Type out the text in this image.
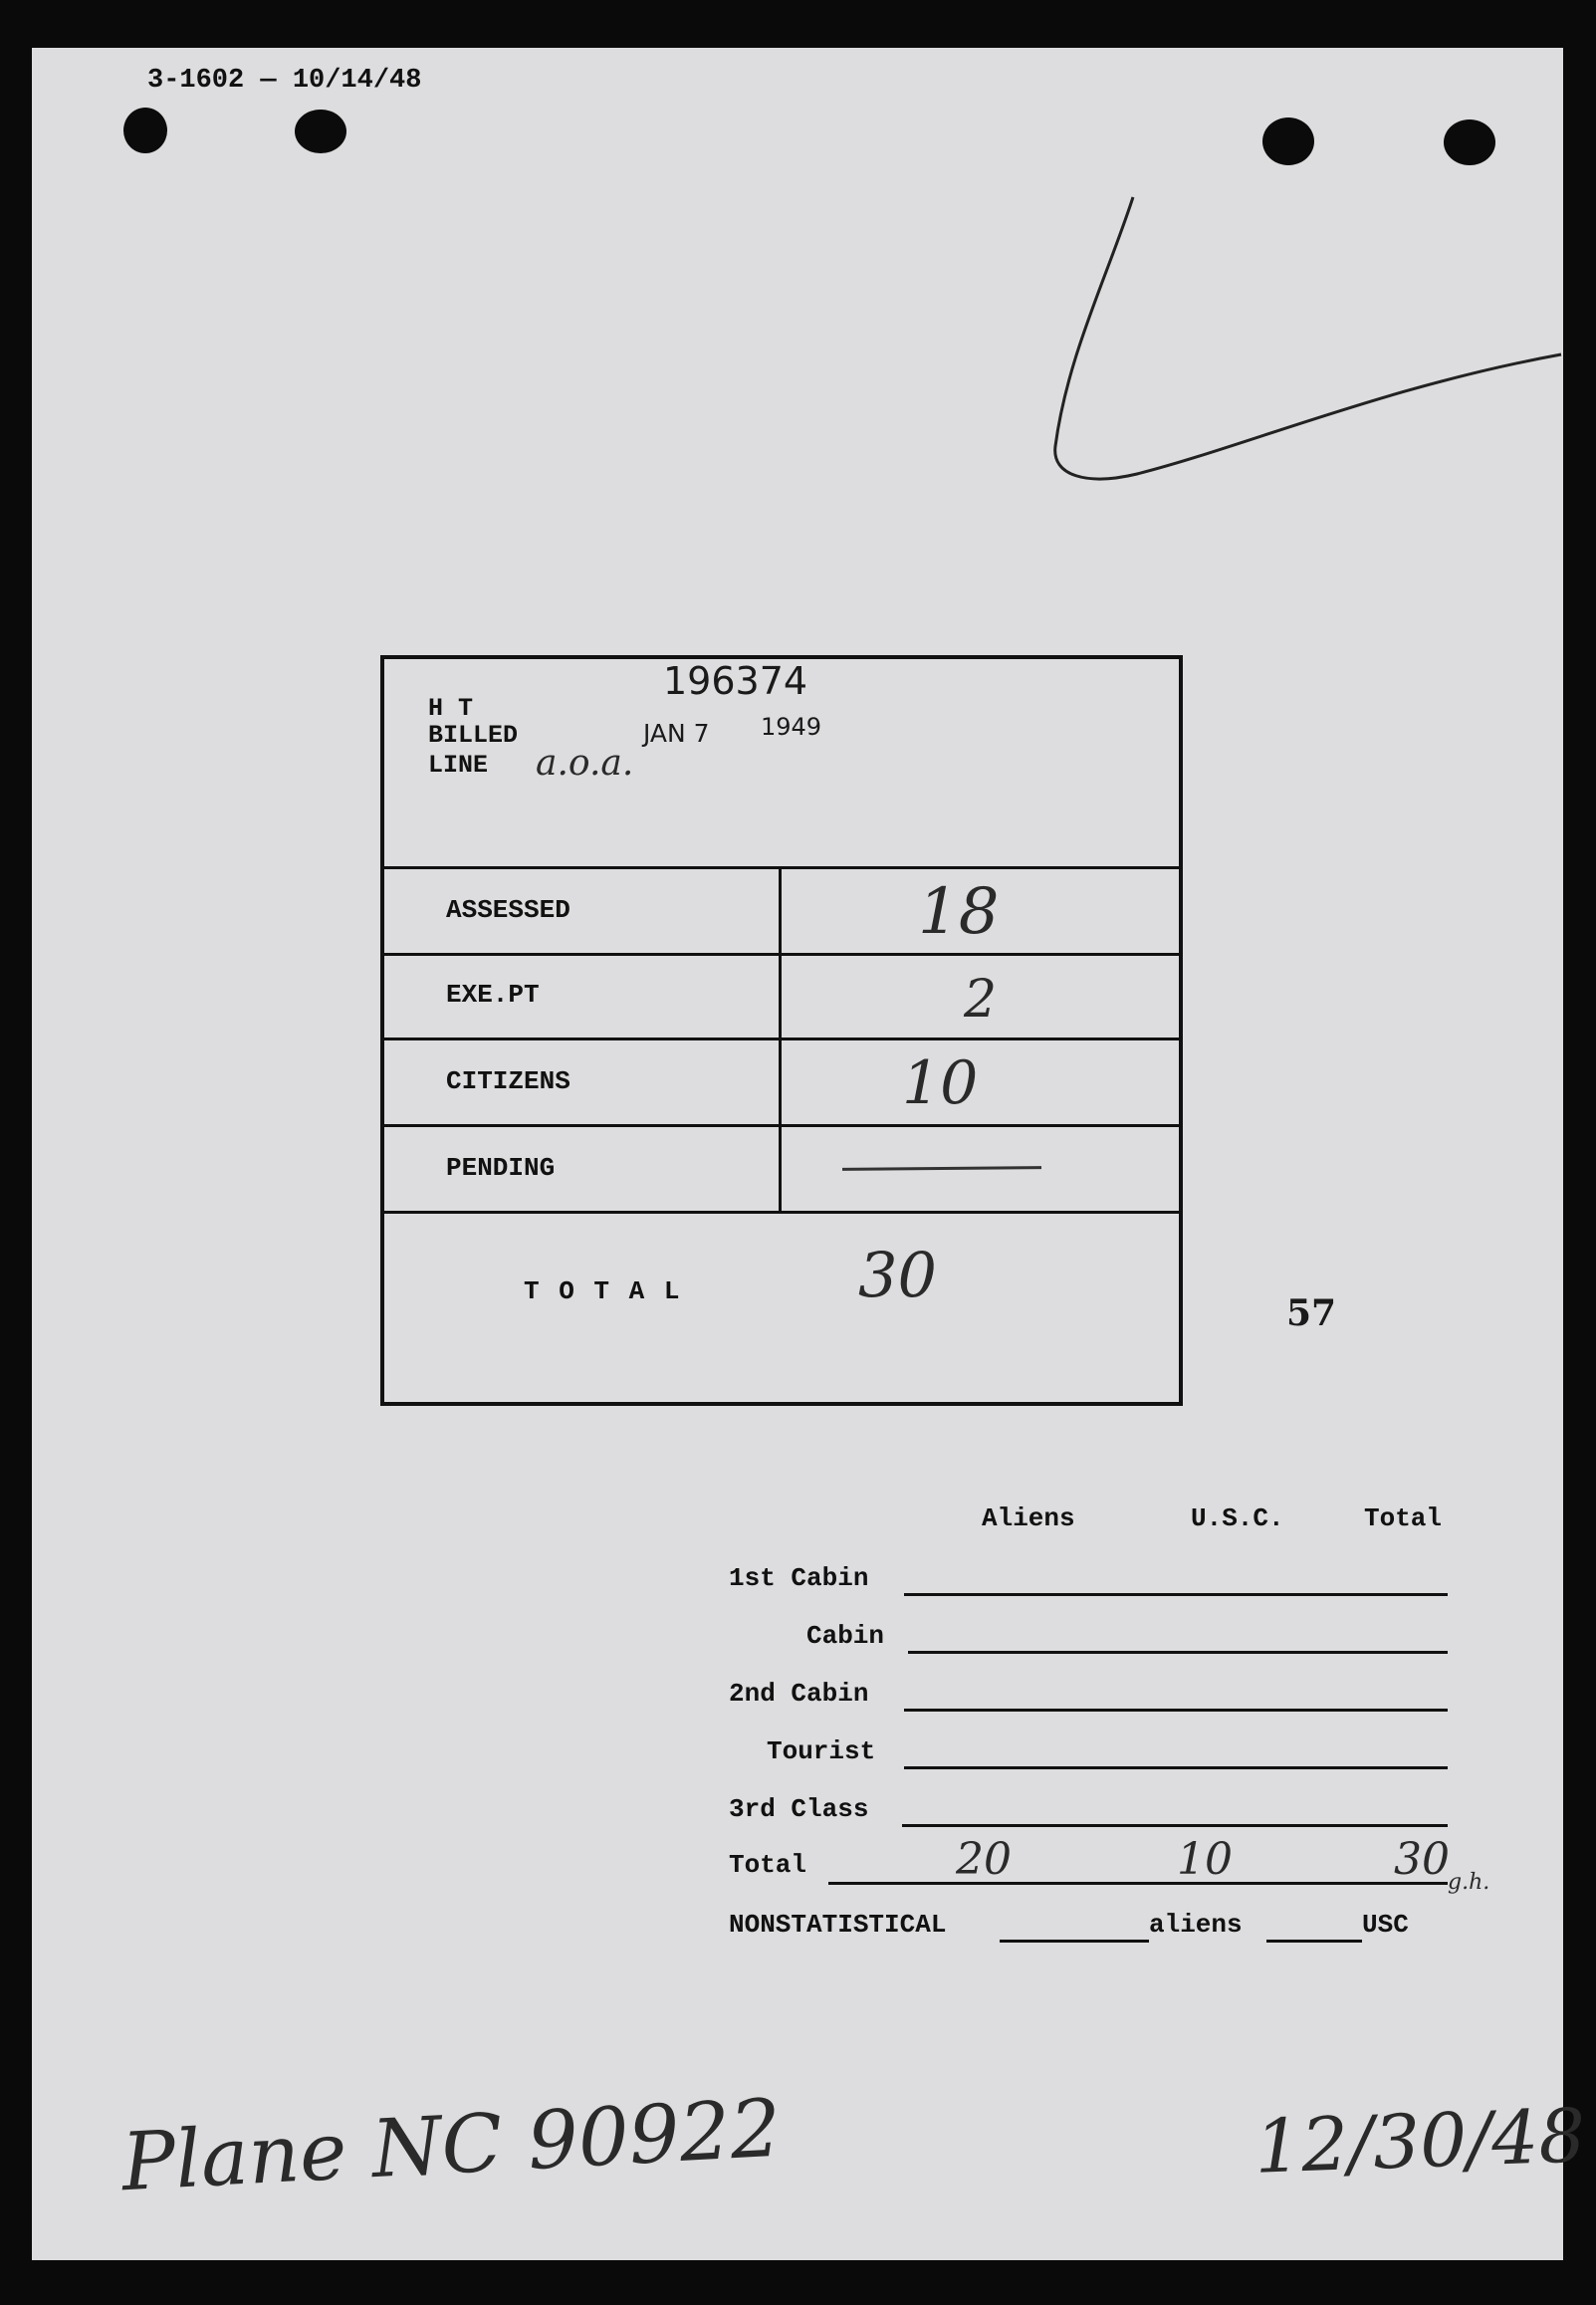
3-1602 — 10/14/48
196374
H T
BILLED	JAN 7 1949
LINE a.o.a.
ASSESSED	18
EXE.PT	2
CITIZENS	10
PENDING
T O T A L	30
57
Aliens	U.S.C.	Total
1st Cabin
Cabin
2nd Cabin
Tourist
3rd Class
Total	20	10	30
g.h.
NONSTATISTICAL	aliens	USC
Plane NC 90922	12/30/48
